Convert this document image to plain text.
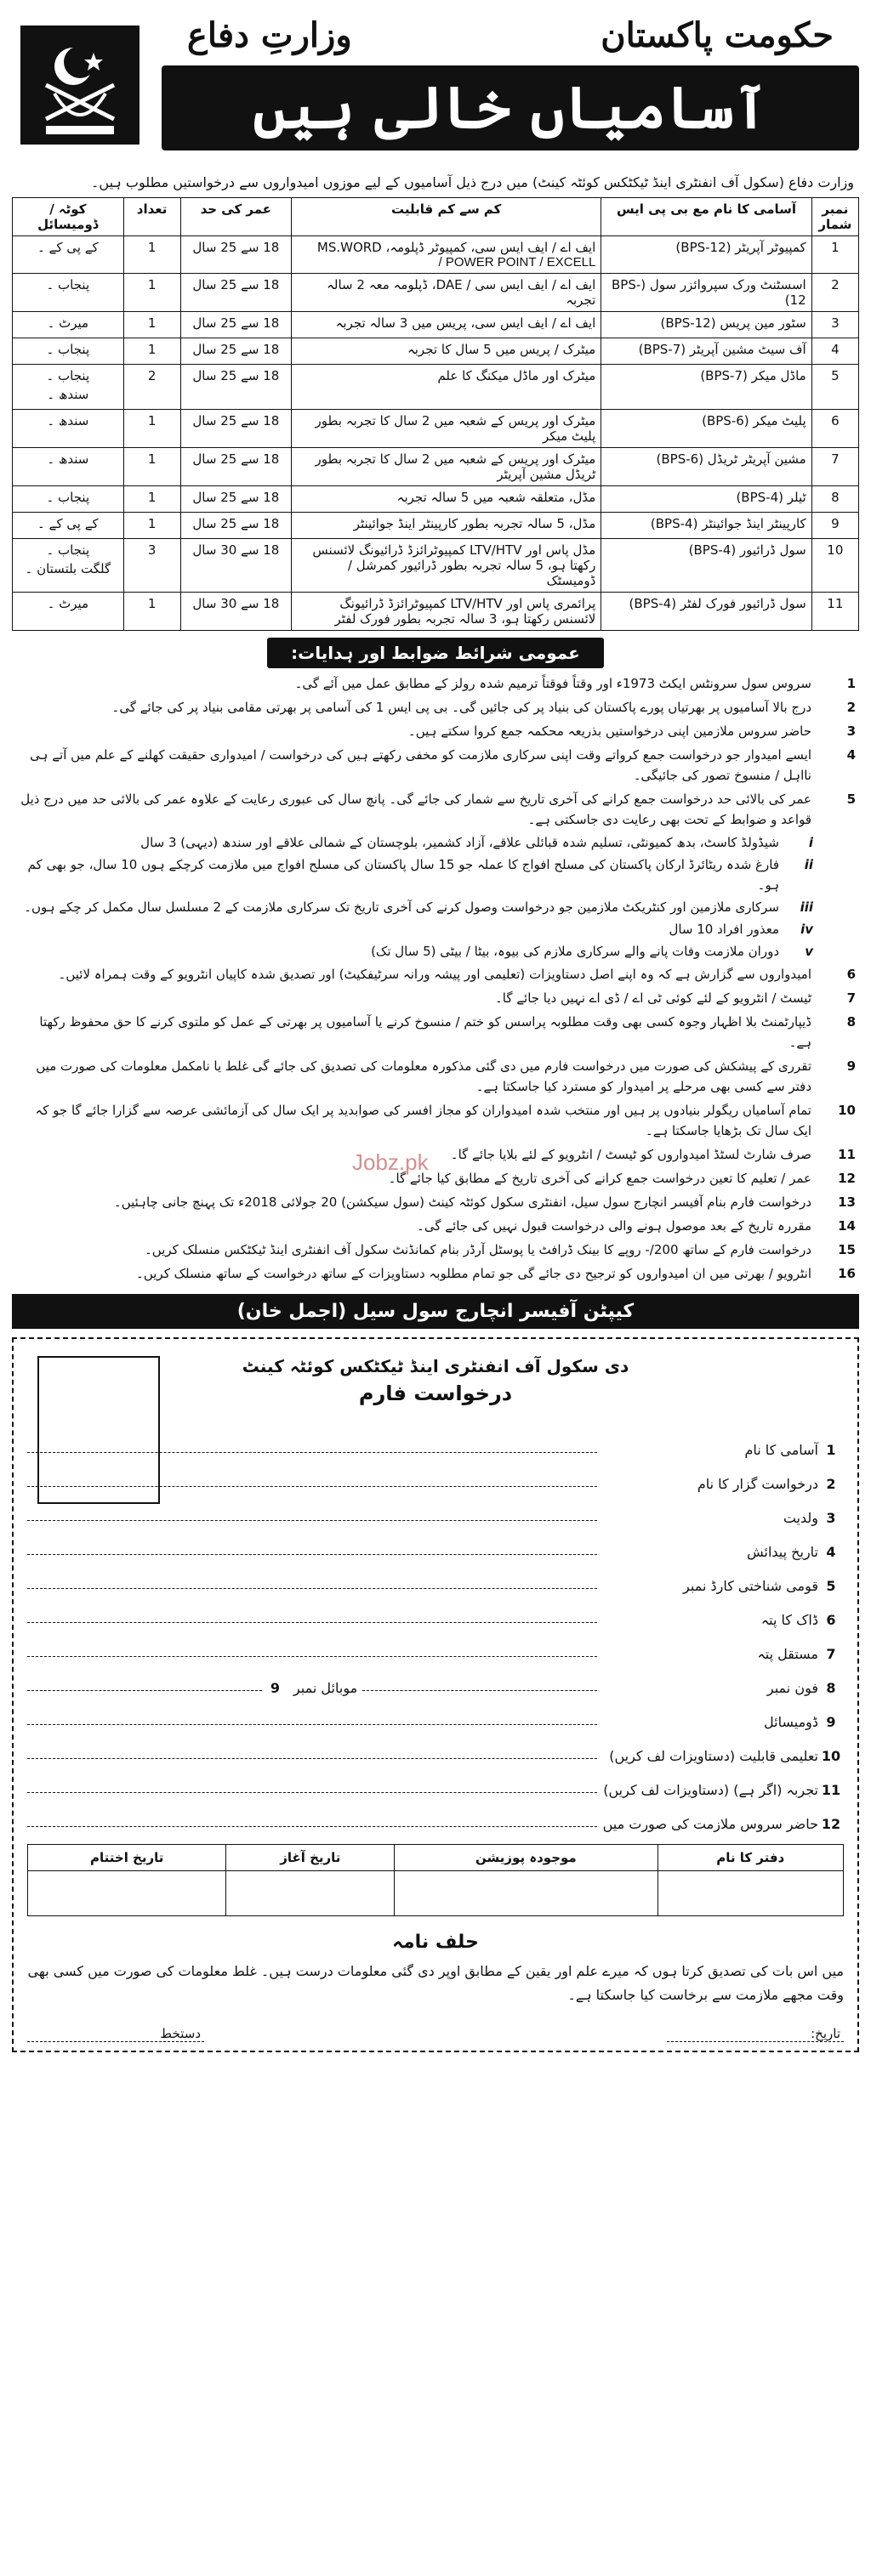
حکومت پاکستان
وزارتِ دفاع
آسامیاں خالی ہیں
وزارت دفاع (سکول آف انفنٹری اینڈ ٹیکٹکس کوئٹہ کینٹ) میں درج ذیل آسامیوں کے لیے موزوں امیدواروں سے درخواستیں مطلوب ہیں۔
نمبر شمار	آسامی کا نام مع بی پی ایس	کم سے کم قابلیت	عمر کی حد	تعداد	کوٹہ / ڈومیسائل
1	کمپیوٹر آپریٹر (BPS-12)	ایف اے / ایف ایس سی، کمپیوٹر ڈپلومہ، MS.WORD
/ POWER POINT / EXCELL	18 سے 25 سال	1	کے پی کے ۔

2	اسسٹنٹ ورک سپروائزر سول (BPS-12)	ایف اے / ایف ایس سی / DAE، ڈپلومہ معہ 2 سالہ تجربہ	18 سے 25 سال	1	پنجاب ۔

3	سٹور مین پریس (BPS-12)	ایف اے / ایف ایس سی، پریس میں 3 سالہ تجربہ	18 سے 25 سال	1	میرٹ ۔

4	آف سیٹ مشین آپریٹر (BPS-7)	میٹرک / پریس میں 5 سال کا تجربہ	18 سے 25 سال	1	پنجاب ۔

5	ماڈل میکر (BPS-7)	میٹرک اور ماڈل میکنگ کا علم	18 سے 25 سال	2	پنجاب ۔
سندھ ۔

6	پلیٹ میکر (BPS-6)	میٹرک اور پریس کے شعبہ میں 2 سال کا تجربہ بطور پلیٹ میکر	18 سے 25 سال	1	سندھ ۔

7	مشین آپریٹر ٹریڈل (BPS-6)	میٹرک اور پریس کے شعبہ میں 2 سال کا تجربہ بطور ٹریڈل مشین آپریٹر	18 سے 25 سال	1	سندھ ۔

8	ٹیلر (BPS-4)	مڈل، متعلقہ شعبہ میں 5 سالہ تجربہ	18 سے 25 سال	1	پنجاب ۔

9	کارپینٹر اینڈ جوائینٹر (BPS-4)	مڈل، 5 سالہ تجربہ بطور کارپینٹر اینڈ جوائینٹر	18 سے 25 سال	1	کے پی کے ۔

10	سول ڈرائیور (BPS-4)	مڈل پاس اور LTV/HTV کمپیوٹرائزڈ ڈرائیونگ لائسنس رکھتا ہو، 5 سالہ تجربہ بطور ڈرائیور کمرشل / ڈومیسٹک	18 سے 30 سال	3	پنجاب ۔
گلگت بلتستان ۔

11	سول ڈرائیور فورک لفٹر (BPS-4)	پرائمری پاس اور LTV/HTV کمپیوٹرائزڈ ڈرائیونگ لائسنس رکھتا ہو، 3 سالہ تجربہ بطور فورک لفٹر	18 سے 30 سال	1	میرٹ ۔
عمومی شرائط ضوابط اور ہدایات:
1
سروس سول سرونٹس ایکٹ 1973ء اور وقتاً فوقتاً ترمیم شدہ رولز کے مطابق عمل میں آئے گی۔
2
درج بالا آسامیوں پر بھرتیاں پورے پاکستان کی بنیاد پر کی جائیں گی۔ بی پی ایس 1 کی آسامی پر بھرتی مقامی بنیاد پر کی جائے گی۔
3
حاضر سروس ملازمین اپنی درخواستیں بذریعہ محکمہ جمع کروا سکتے ہیں۔
4
ایسے امیدوار جو درخواست جمع کرواتے وقت اپنی سرکاری ملازمت کو مخفی رکھتے ہیں کی درخواست / امیدواری حقیقت کھلنے کے علم میں آتے ہی نااہل / منسوخ تصور کی جائیگی۔
5
عمر کی بالائی حد درخواست جمع کرانے کی آخری تاریخ سے شمار کی جائے گی۔ پانچ سال کی عبوری رعایت کے علاوہ عمر کی بالائی حد میں درج ذیل قواعد و ضوابط کے تحت بھی رعایت دی جاسکتی ہے۔
i
شیڈولڈ کاسٹ، بدھ کمیونٹی، تسلیم شدہ قبائلی علاقے، آزاد کشمیر، بلوچستان کے شمالی علاقے اور سندھ (دیہی) 3 سال
ii
فارغ شدہ ریٹائرڈ ارکان پاکستان کی مسلح افواج کا عملہ جو 15 سال پاکستان کی مسلح افواج میں ملازمت کرچکے ہوں 10 سال، جو بھی کم ہو۔
iii
سرکاری ملازمین اور کنٹریکٹ ملازمین جو درخواست وصول کرنے کی آخری تاریخ تک سرکاری ملازمت کے 2 مسلسل سال مکمل کر چکے ہوں۔
iv
معذور افراد 10 سال
v
دوران ملازمت وفات پانے والے سرکاری ملازم کی بیوہ، بیٹا / بیٹی (5 سال تک)
6
امیدواروں سے گزارش ہے کہ وہ اپنے اصل دستاویزات (تعلیمی اور پیشہ ورانہ سرٹیفکیٹ) اور تصدیق شدہ کاپیاں انٹرویو کے وقت ہمراہ لائیں۔
7
ٹیسٹ / انٹرویو کے لئے کوئی ٹی اے / ڈی اے نہیں دیا جائے گا۔
8
ڈیپارٹمنٹ بلا اظہار وجوہ کسی بھی وقت مطلوبہ پراسس کو ختم / منسوخ کرنے یا آسامیوں پر بھرتی کے عمل کو ملتوی کرنے کا حق محفوظ رکھتا ہے۔
9
تقرری کے پیشکش کی صورت میں درخواست فارم میں دی گئی مذکورہ معلومات کی تصدیق کی جائے گی غلط یا نامکمل معلومات کی صورت میں دفتر سے کسی بھی مرحلے پر امیدوار کو مسترد کیا جاسکتا ہے۔
10
تمام آسامیاں ریگولر بنیادوں پر ہیں اور منتخب شدہ امیدواران کو مجاز افسر کی صوابدید پر ایک سال کی آزمائشی عرصہ سے گزارا جائے گا جو کہ ایک سال تک بڑھایا جاسکتا ہے۔
11
صرف شارٹ لسٹڈ امیدواروں کو ٹیسٹ / انٹرویو کے لئے بلایا جائے گا۔
12
عمر / تعلیم کا تعین درخواست جمع کرانے کی آخری تاریخ کے مطابق کیا جائے گا۔
13
درخواست فارم بنام آفیسر انچارج سول سیل، انفنٹری سکول کوئٹہ کینٹ (سول سیکشن) 20 جولائی 2018ء تک پہنچ جانی چاہئیں۔
14
مقررہ تاریخ کے بعد موصول ہونے والی درخواست قبول نہیں کی جائے گی۔
15
درخواست فارم کے ساتھ 200/- روپے کا بینک ڈرافٹ یا پوسٹل آرڈر بنام کمانڈنٹ سکول آف انفنٹری اینڈ ٹیکٹکس منسلک کریں۔
16
انٹرویو / بھرتی میں ان امیدواروں کو ترجیح دی جائے گی جو تمام مطلوبہ دستاویزات کے ساتھ درخواست کے ساتھ منسلک کریں۔
Jobz.pk
کیپٹن آفیسر انچارج سول سیل (اجمل خان)
دی سکول آف انفنٹری اینڈ ٹیکٹکس کوئٹہ کینٹ
درخواست فارم
1
آسامی کا نام
2
درخواست گزار کا نام
3
ولدیت
4
تاریخ پیدائش
5
قومی شناختی کارڈ نمبر
6
ڈاک کا پتہ
7
مستقل پتہ
8
فون نمبر
موبائل نمبر
9
9
ڈومیسائل
10
تعلیمی قابلیت (دستاویزات لف کریں)
11
تجربہ (اگر ہے) (دستاویزات لف کریں)
12
حاضر سروس ملازمت کی صورت میں
دفتر کا نام	موجودہ پوزیشن	تاریخ آغاز	تاریخ اختتام

حلف نامہ
میں اس بات کی تصدیق کرتا ہوں کہ میرے علم اور یقین کے مطابق اوپر دی گئی معلومات درست ہیں۔ غلط معلومات کی صورت میں کسی بھی وقت مجھے ملازمت سے برخاست کیا جاسکتا ہے۔
تاریخ:
دستخط
